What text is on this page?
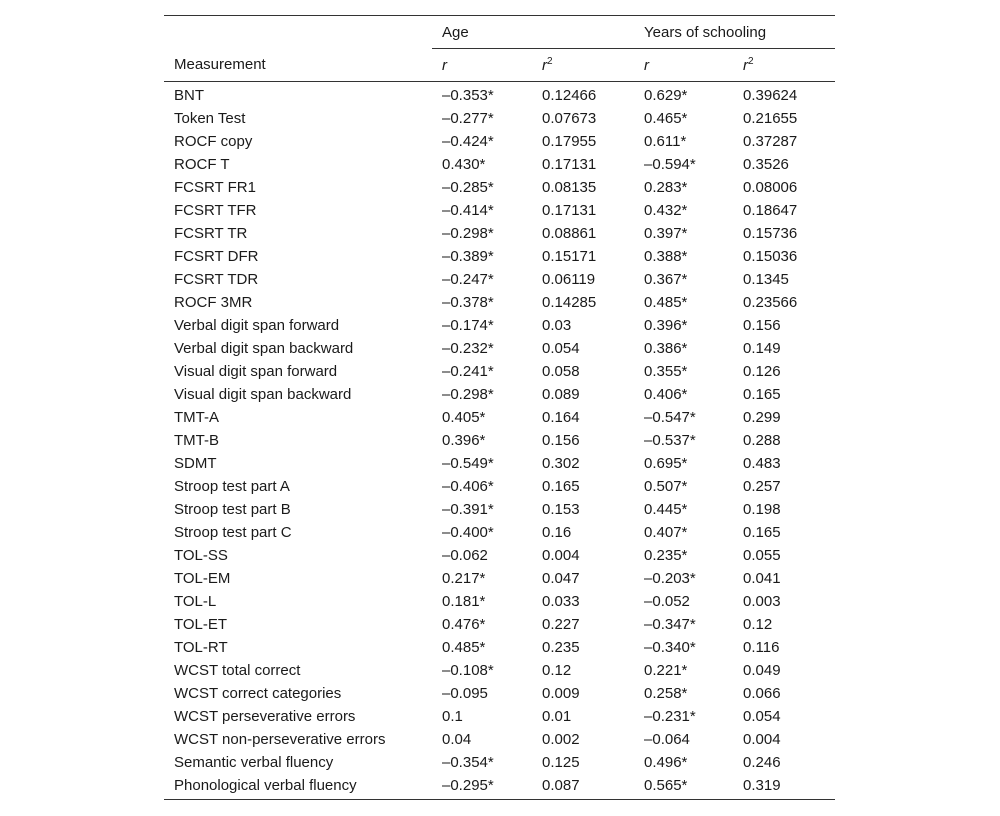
	Age		Years of schooling	
Measurement	r	$r^2$	r	$r^2$
BNT	–0.353*	0.12466	0.629*	0.39624
Token Test	–0.277*	0.07673	0.465*	0.21655
ROCF copy	–0.424*	0.17955	0.611*	0.37287
ROCF T	0.430*	0.17131	–0.594*	0.3526
FCSRT FR1	–0.285*	0.08135	0.283*	0.08006
FCSRT TFR	–0.414*	0.17131	0.432*	0.18647
FCSRT TR	–0.298*	0.08861	0.397*	0.15736
FCSRT DFR	–0.389*	0.15171	0.388*	0.15036
FCSRT TDR	–0.247*	0.06119	0.367*	0.1345
ROCF 3MR	–0.378*	0.14285	0.485*	0.23566
Verbal digit span forward	–0.174*	0.03	0.396*	0.156
Verbal digit span backward	–0.232*	0.054	0.386*	0.149
Visual digit span forward	–0.241*	0.058	0.355*	0.126
Visual digit span backward	–0.298*	0.089	0.406*	0.165
TMT-A	0.405*	0.164	–0.547*	0.299
TMT-B	0.396*	0.156	–0.537*	0.288
SDMT	–0.549*	0.302	0.695*	0.483
Stroop test part A	–0.406*	0.165	0.507*	0.257
Stroop test part B	–0.391*	0.153	0.445*	0.198
Stroop test part C	–0.400*	0.16	0.407*	0.165
TOL-SS	–0.062	0.004	0.235*	0.055
TOL-EM	0.217*	0.047	–0.203*	0.041
TOL-L	0.181*	0.033	–0.052	0.003
TOL-ET	0.476*	0.227	–0.347*	0.12
TOL-RT	0.485*	0.235	–0.340*	0.116
WCST total correct	–0.108*	0.12	0.221*	0.049
WCST correct categories	–0.095	0.009	0.258*	0.066
WCST perseverative errors	0.1	0.01	–0.231*	0.054
WCST non-perseverative errors	0.04	0.002	–0.064	0.004
Semantic verbal fluency	–0.354*	0.125	0.496*	0.246
Phonological verbal fluency	–0.295*	0.087	0.565*	0.319
